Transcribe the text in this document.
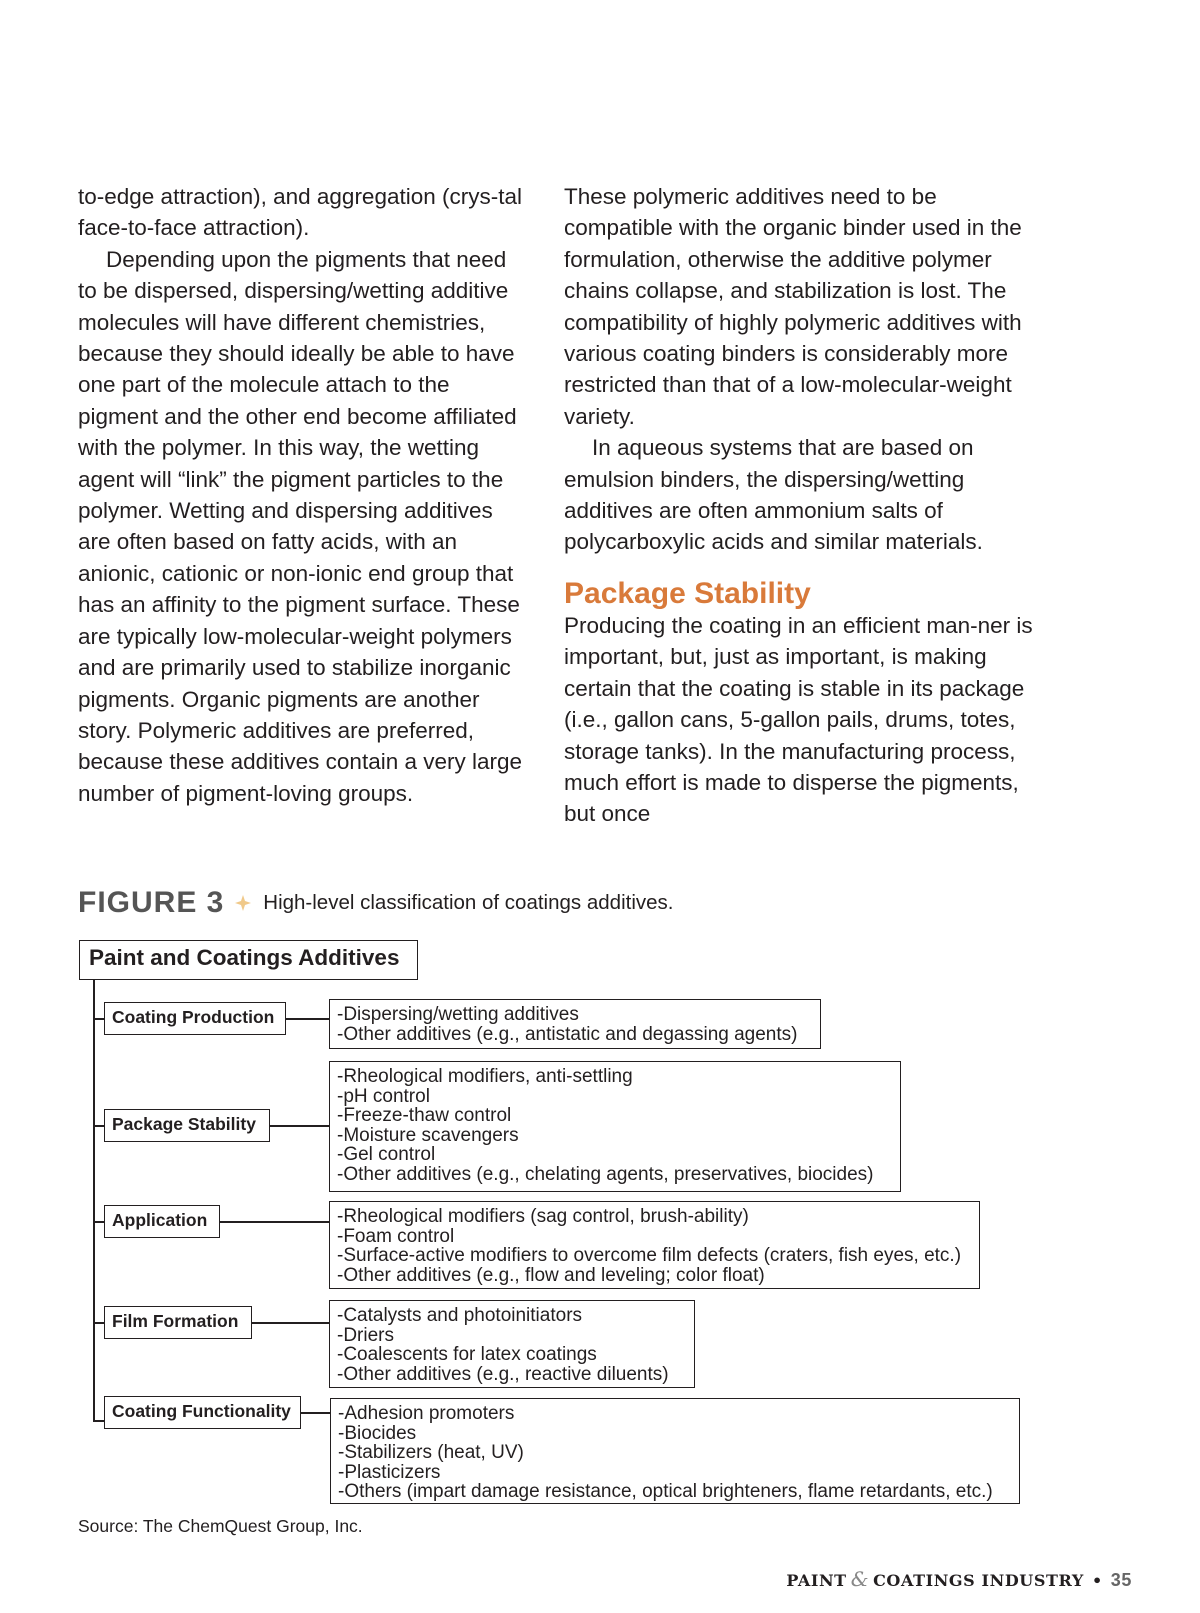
to-edge attraction), and aggregation (crys-tal face-to-face attraction).

Depending upon the pigments that need to be dispersed, dispersing/wetting additive molecules will have different chemistries, because they should ideally be able to have one part of the molecule attach to the pigment and the other end become affiliated with the polymer. In this way, the wetting agent will “link” the pigment particles to the polymer. Wetting and dispersing additives are often based on fatty acids, with an anionic, cationic or non-ionic end group that has an affinity to the pigment surface. These are typically low-molecular-weight polymers and are primarily used to stabilize inorganic pigments. Organic pigments are another story. Polymeric additives are preferred, because these additives contain a very large number of pigment-loving groups.

These polymeric additives need to be compatible with the organic binder used in the formulation, otherwise the additive polymer chains collapse, and stabilization is lost. The compatibility of highly polymeric additives with various coating binders is considerably more restricted than that of a low-molecular-weight variety.

In aqueous systems that are based on emulsion binders, the dispersing/wetting additives are often ammonium salts of polycarboxylic acids and similar materials.

Package Stability

Producing the coating in an efficient man-ner is important, but, just as important, is making certain that the coating is stable in its package (i.e., gallon cans, 5-gallon pails, drums, totes, storage tanks). In the manufacturing process, much effort is made to disperse the pigments, but once

FIGURE 3 High-level classification of coatings additives.
Paint and Coatings Additives
Coating Production	-Dispersing/wetting additives
-Other additives (e.g., antistatic and degassing agents)
Package Stability
-Rheological modifiers, anti-settling
-pH control
-Freeze-thaw control
-Moisture scavengers
-Gel control
-Other additives (e.g., chelating agents, preservatives, biocides)
Application	-Rheological modifiers (sag control, brush-ability)
-Foam control
-Surface-active modifiers to overcome film defects (craters, fish eyes, etc.)
-Other additives (e.g., flow and leveling; color float)
Film Formation	-Catalysts and photoinitiators
-Driers
-Coalescents for latex coatings
-Other additives (e.g., reactive diluents)
Coating Functionality	-Adhesion promoters
-Biocides
-Stabilizers (heat, UV)
-Plasticizers
-Others (impart damage resistance, optical brighteners, flame retardants, etc.)
Source: The ChemQuest Group, Inc.
PAINT & COATINGS INDUSTRY • 35
